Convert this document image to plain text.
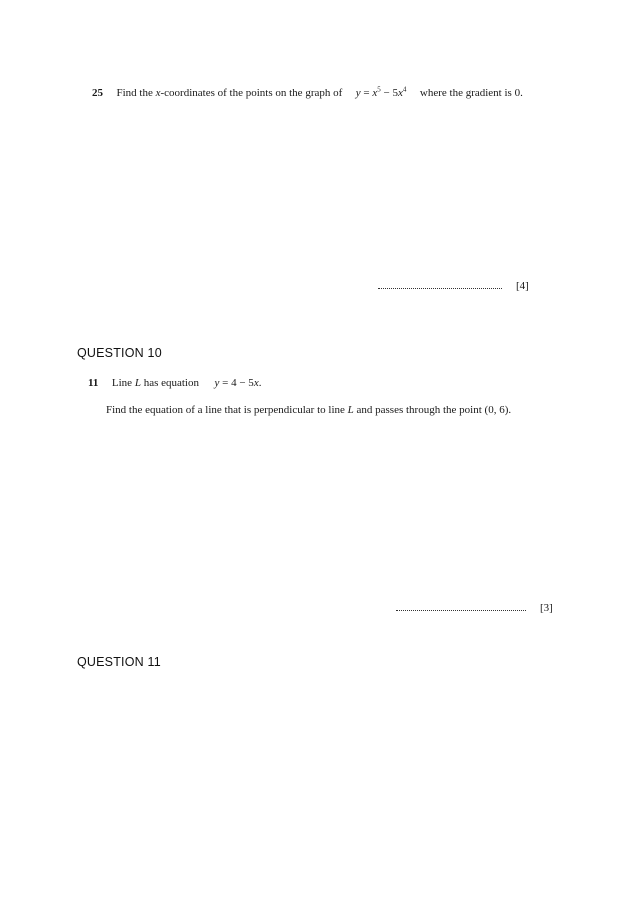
25 Find the x-coordinates of the points on the graph of $y = x^5 - 5x^4$ where the gradient is 0.
[4]
QUESTION 10
11 Line L has equation y = 4 − 5x.
Find the equation of a line that is perpendicular to line L and passes through the point (0, 6).
[3]
QUESTION 11
